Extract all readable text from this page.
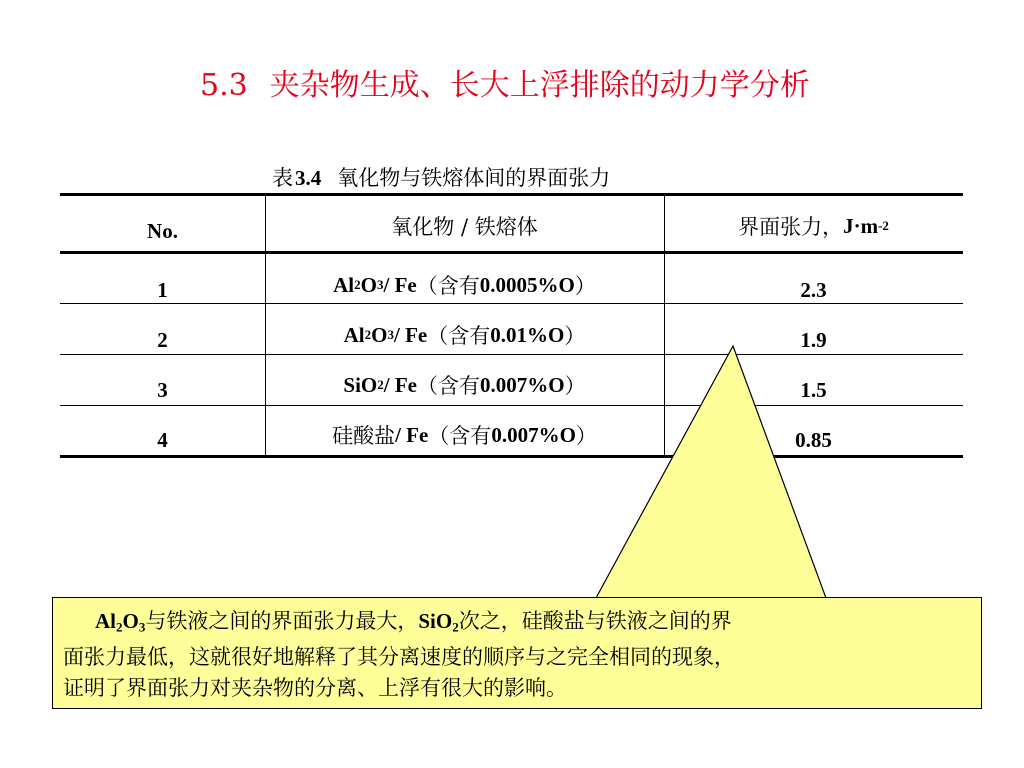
5.3 夹杂物生成、长大上浮排除的动力学分析
表3.4 氧化物与铁熔体间的界面张力
No.	氧化物 / 铁熔体	界面张力， J·m -2
1	Al 2 O 3 / Fe （含有 0.0005%O ）	2.3
2	Al 2 O 3 / Fe （含有 0.01%O ）	1.9
3	SiO 2 / Fe （含有 0.007%O ）	1.5
4	硅酸盐 / Fe （含有 0.007%O ）	0.85
$Al_2O_3$与铁液之间的界面张力最大，SiO$_2$次之，硅酸盐与铁液之间的界
面张力最低，这就很好地解释了其分离速度的顺序与之完全相同的现象，
证明了界面张力对夹杂物的分离、上浮有很大的影响。
